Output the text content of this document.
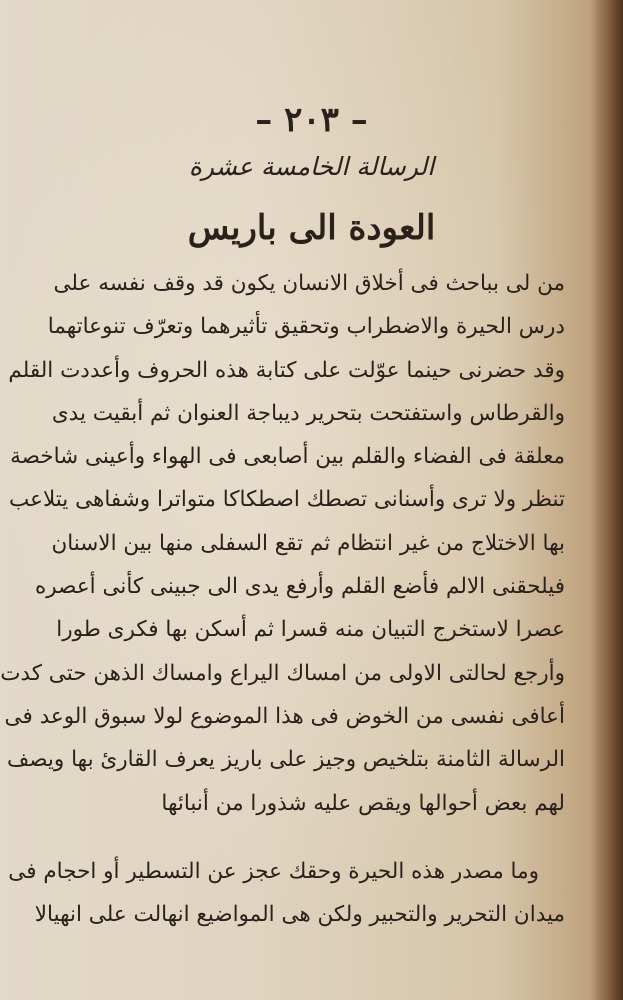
– ٢٠٣ –
الرسالة الخامسة عشرة
العودة الى باريس
من لى بباحث فى أخلاق الانسان يكون قد وقف نفسه على
درس الحيرة والاضطراب وتحقيق تأثيرهما وتعرّف تنوعاتهما
وقد حضرنى حينما عوّلت على كتابة هذه الحروف وأعددت القلم
والقرطاس واستفتحت بتحرير ديباجة العنوان ثم أبقيت يدى
معلقة فى الفضاء والقلم بين أصابعى فى الهواء وأعينى شاخصة
تنظر ولا ترى وأسنانى تصطك اصطكاكا متواترا وشفاهى يتلاعب
بها الاختلاج من غير انتظام ثم تقع السفلى منها بين الاسنان
فيلحقنى الالم فأضع القلم وأرفع يدى الى جبينى كأنى أعصره
عصرا لاستخرج التبيان منه قسرا ثم أسكن بها فكرى طورا
وأرجع لحالتى الاولى من امساك اليراع وامساك الذهن حتى كدت
أعافى نفسى من الخوض فى هذا الموضوع لولا سبوق الوعد فى
الرسالة الثامنة بتلخيص وجيز على باريز يعرف القارئ بها ويصف
لهم بعض أحوالها ويقص عليه شذورا من أنبائها
وما مصدر هذه الحيرة وحقك عجز عن التسطير أو احجام فى
ميدان التحرير والتحبير ولكن هى المواضيع انهالت على انهيالا
